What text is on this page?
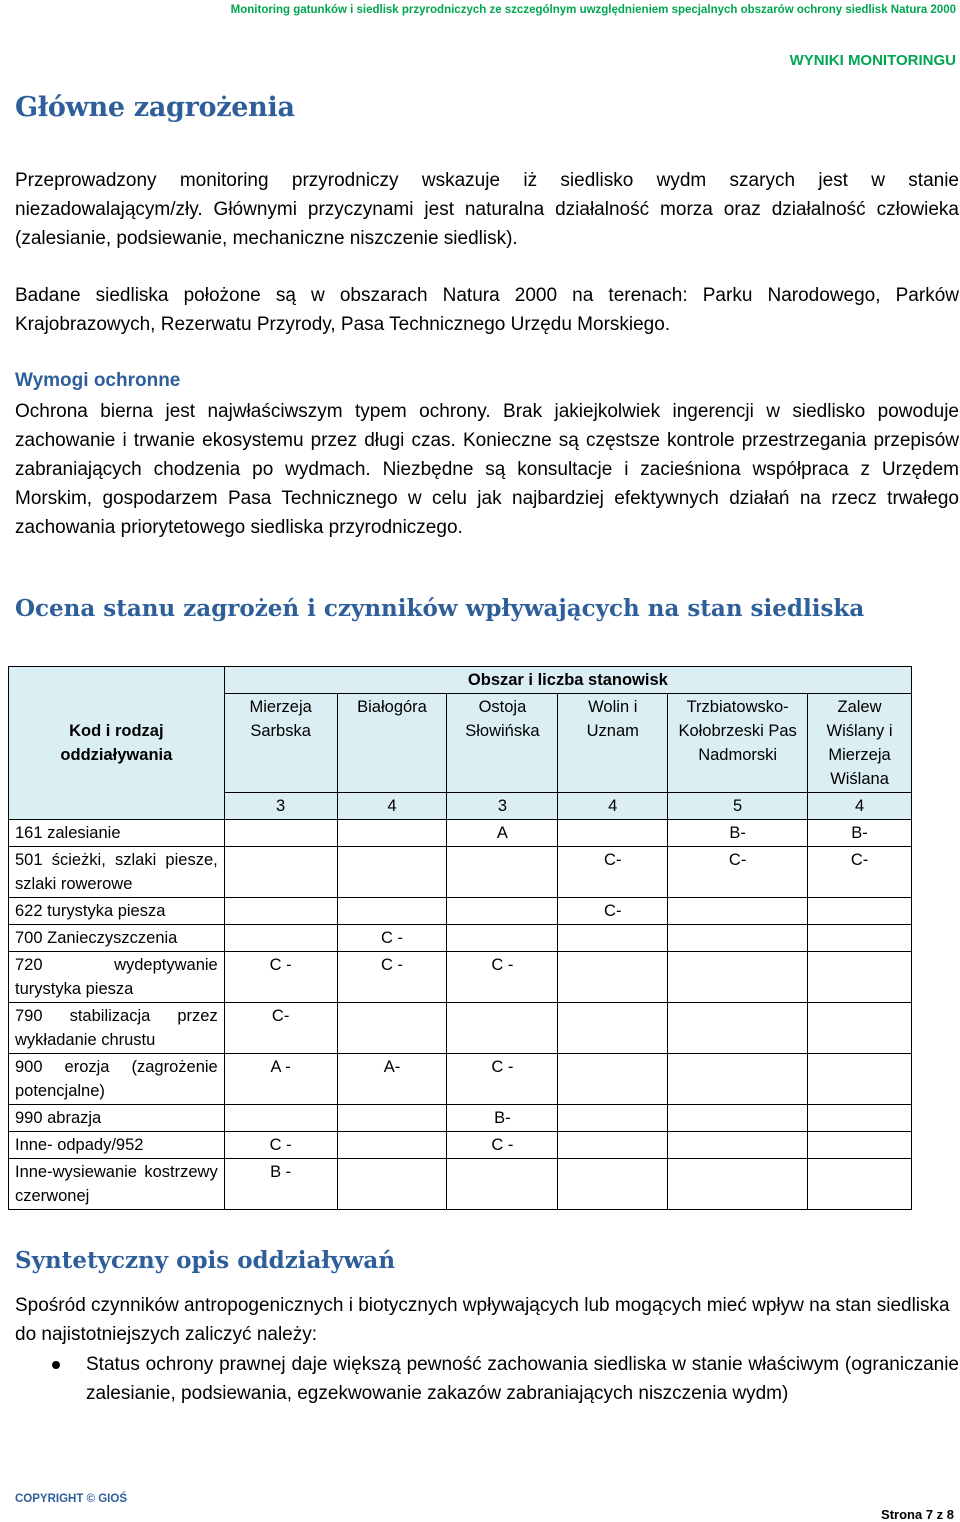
Monitoring gatunków i siedlisk przyrodniczych ze szczególnym uwzględnieniem specjalnych obszarów ochrony siedlisk Natura 2000
WYNIKI MONITORINGU
Główne zagrożenia
Przeprowadzony monitoring przyrodniczy wskazuje iż siedlisko wydm szarych jest w stanie niezadowalającym/zły. Głównymi przyczynami jest naturalna działalność morza oraz działalność człowieka (zalesianie, podsiewanie, mechaniczne niszczenie siedlisk).
Badane siedliska położone są w obszarach Natura 2000 na terenach: Parku Narodowego, Parków Krajobrazowych, Rezerwatu Przyrody, Pasa Technicznego Urzędu Morskiego.
Wymogi ochronne
Ochrona bierna jest najwłaściwszym typem ochrony. Brak jakiejkolwiek ingerencji w siedlisko powoduje zachowanie i trwanie ekosystemu przez długi czas. Konieczne są częstsze kontrole przestrzegania przepisów zabraniających chodzenia po wydmach. Niezbędne są konsultacje i zacieśniona współpraca z Urzędem Morskim, gospodarzem Pasa Technicznego w celu jak najbardziej efektywnych działań na rzecz trwałego zachowania priorytetowego siedliska przyrodniczego.
Ocena stanu zagrożeń i czynników wpływających na stan siedliska
Kod i rodzaj oddziaływania	Obszar i liczba stanowisk					
	Mierzeja Sarbska	Białogóra	Ostoja Słowińska	Wolin i Uznam	Trzbiatowsko-Kołobrzeski Pas Nadmorski	Zalew Wiślany i Mierzeja Wiślana
	3	4	3	4	5	4
161 zalesianie			A		B-	B-
501 ścieżki, szlaki piesze, szlaki rowerowe				C-	C-	C-
622 turystyka piesza				C-		
700 Zanieczyszczenia		C -				
720 wydeptywanie turystyka piesza	C -	C -	C -			
790 stabilizacja przez wykładanie chrustu	C-					
900 erozja (zagrożenie potencjalne)	A -	A-	C -			
990 abrazja			B-			
Inne- odpady/952	C -		C -			
Inne-wysiewanie kostrzewy czerwonej	B -					
Syntetyczny opis oddziaływań
Spośród czynników antropogenicznych i biotycznych wpływających lub mogących mieć wpływ na stan siedliska do najistotniejszych zaliczyć należy:
Status ochrony prawnej daje większą pewność zachowania siedliska w stanie właściwym (ograniczanie zalesianie, podsiewania, egzekwowanie zakazów zabraniających niszczenia wydm)
COPYRIGHT © GIOŚ
Strona 7 z 8
